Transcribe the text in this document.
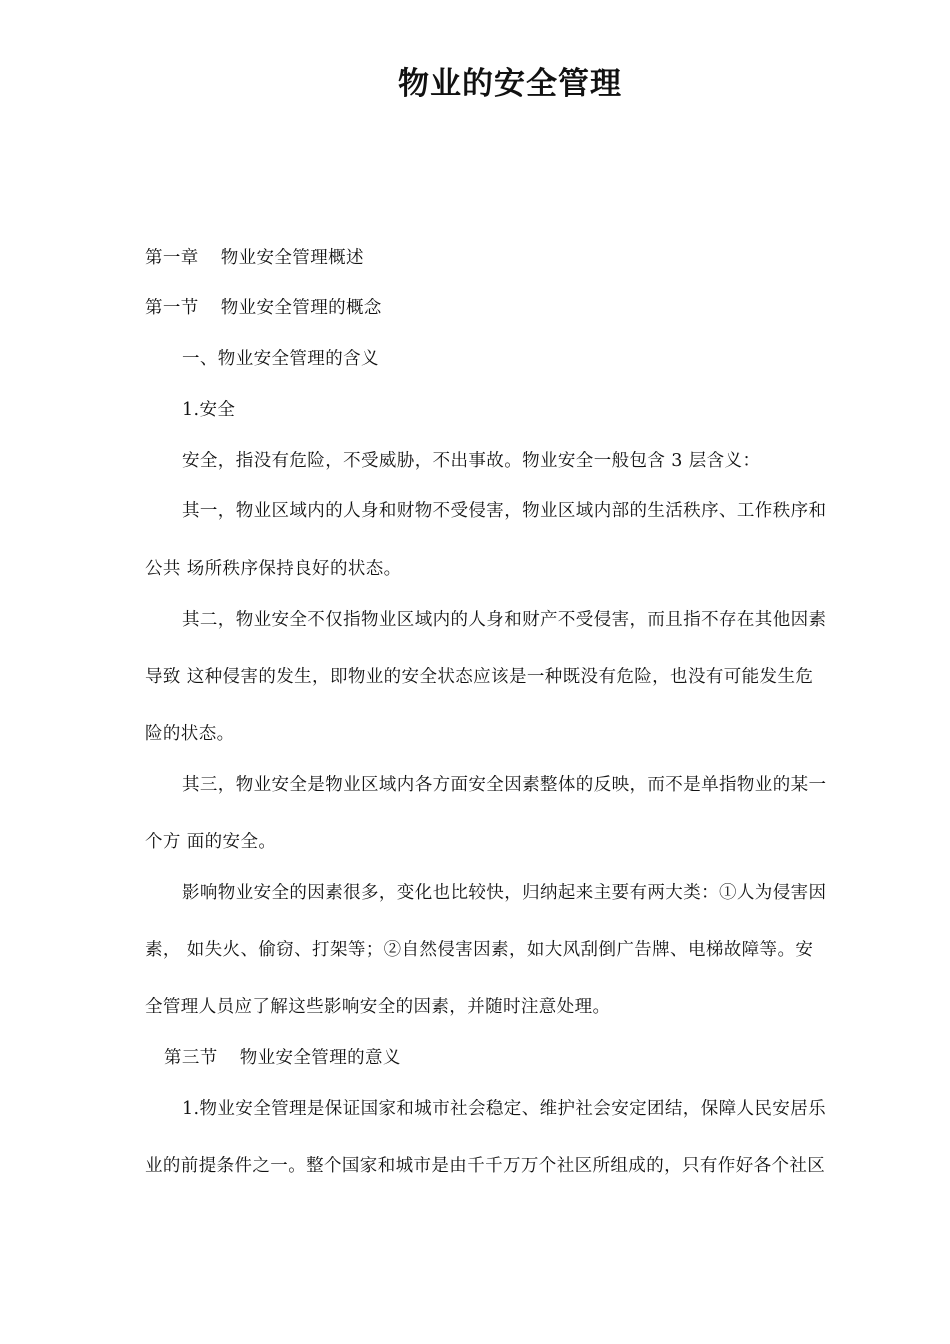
物业的安全管理
第一章 物业安全管理概述
第一节 物业安全管理的概念
一、物业安全管理的含义
1.安全
安全，指没有危险，不受威胁，不出事故。物业安全一般包含 3 层含义：
其一，物业区域内的人身和财物不受侵害，物业区域内部的生活秩序、工作秩序和
公共 场所秩序保持良好的状态。
其二，物业安全不仅指物业区域内的人身和财产不受侵害，而且指不存在其他因素
导致 这种侵害的发生，即物业的安全状态应该是一种既没有危险，也没有可能发生危
险的状态。
其三，物业安全是物业区域内各方面安全因素整体的反映，而不是单指物业的某一
个方 面的安全。
影响物业安全的因素很多，变化也比较快，归纳起来主要有两大类：①人为侵害因
素， 如失火、偷窃、打架等；②自然侵害因素，如大风刮倒广告牌、电梯故障等。安
全管理人员应了解这些影响安全的因素，并随时注意处理。
第三节 物业安全管理的意义
1.物业安全管理是保证国家和城市社会稳定、维护社会安定团结，保障人民安居乐
业的前提条件之一。整个国家和城市是由千千万万个社区所组成的，只有作好各个社区
